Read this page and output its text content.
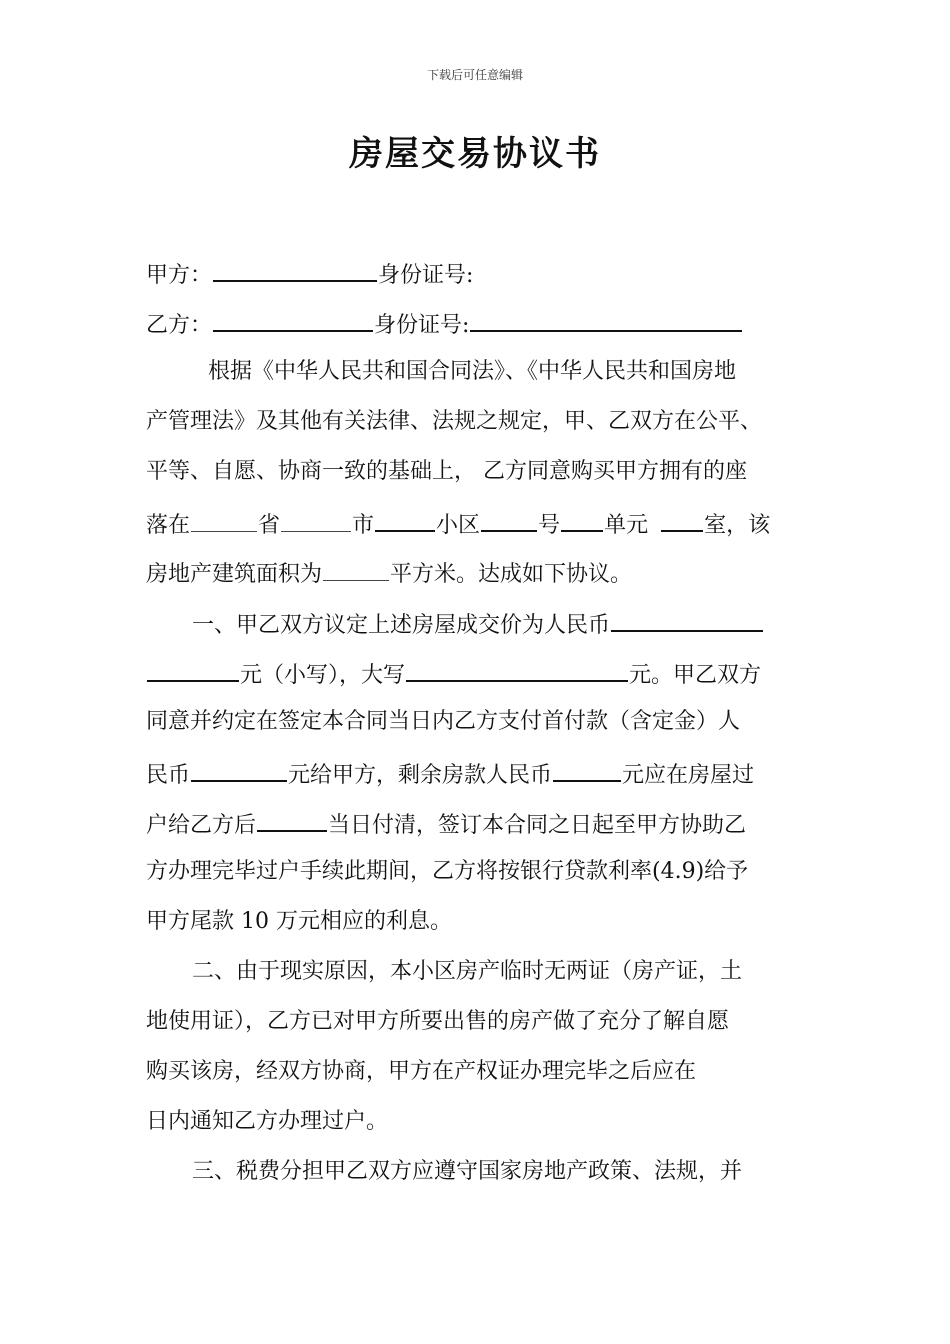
下载后可任意编辑
房屋交易协议书
甲方：	身份证号:
乙方：	身份证号:
根据《中华人民共和国合同法》、《中华人民共和国房地
产管理法》及其他有关法律、法规之规定，甲、乙双方在公平、
平等、自愿、协商一致的基础上， 乙方同意购买甲方拥有的座
落在	省	市	小区	号 单元	室，该
房地产建筑面积为	平方米。达成如下协议。
一、甲乙双方议定上述房屋成交价为人民币
元（小写），大写	元。甲乙双方
同意并约定在签定本合同当日内乙方支付首付款（含定金）人
民币	元给甲方，剩余房款人民币	元应在房屋过
户给乙方后	当日付清，签订本合同之日起至甲方协助乙
方办理完毕过户手续此期间，乙方将按银行贷款利率(4.9)给予
甲方尾款 10 万元相应的利息。
二、由于现实原因，本小区房产临时无两证（房产证，土
地使用证），乙方已对甲方所要出售的房产做了充分了解自愿
购买该房，经双方协商，甲方在产权证办理完毕之后应在
日内通知乙方办理过户。
三、税费分担甲乙双方应遵守国家房地产政策、法规，并
